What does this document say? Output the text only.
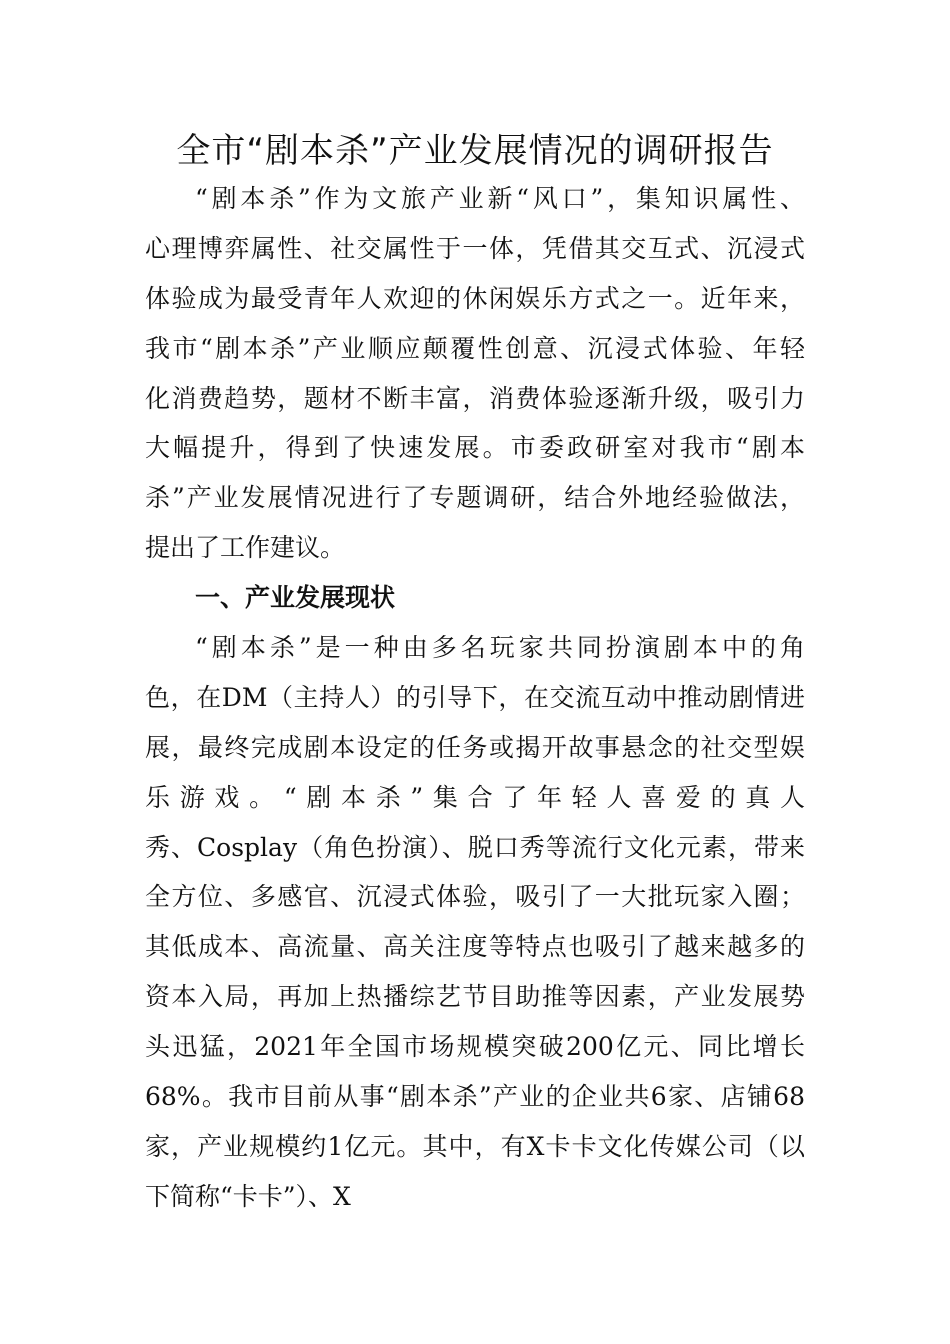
全市“剧本杀”产业发展情况的调研报告
“剧本杀”作为文旅产业新“风口”，集知识属性、
心理博弈属性、社交属性于一体，凭借其交互式、沉浸式
体验成为最受青年人欢迎的休闲娱乐方式之一。近年来，
我市“剧本杀”产业顺应颠覆性创意、沉浸式体验、年轻
化消费趋势，题材不断丰富，消费体验逐渐升级，吸引力
大幅提升，得到了快速发展。市委政研室对我市“剧本
杀”产业发展情况进行了专题调研，结合外地经验做法，
提出了工作建议。
一、产业发展现状
“剧本杀”是一种由多名玩家共同扮演剧本中的角
色，在DM（主持人）的引导下，在交流互动中推动剧情进
展，最终完成剧本设定的任务或揭开故事悬念的社交型娱
乐游戏。“剧本杀”集合了年轻人喜爱的真人
秀、Cosplay（角色扮演）、脱口秀等流行文化元素，带来
全方位、多感官、沉浸式体验，吸引了一大批玩家入圈；
其低成本、高流量、高关注度等特点也吸引了越来越多的
资本入局，再加上热播综艺节目助推等因素，产业发展势
头迅猛，2021年全国市场规模突破200亿元、同比增长
68%。我市目前从事“剧本杀”产业的企业共6家、店铺68
家，产业规模约1亿元。其中，有X卡卡文化传媒公司（以
下简称“卡卡”）、X
